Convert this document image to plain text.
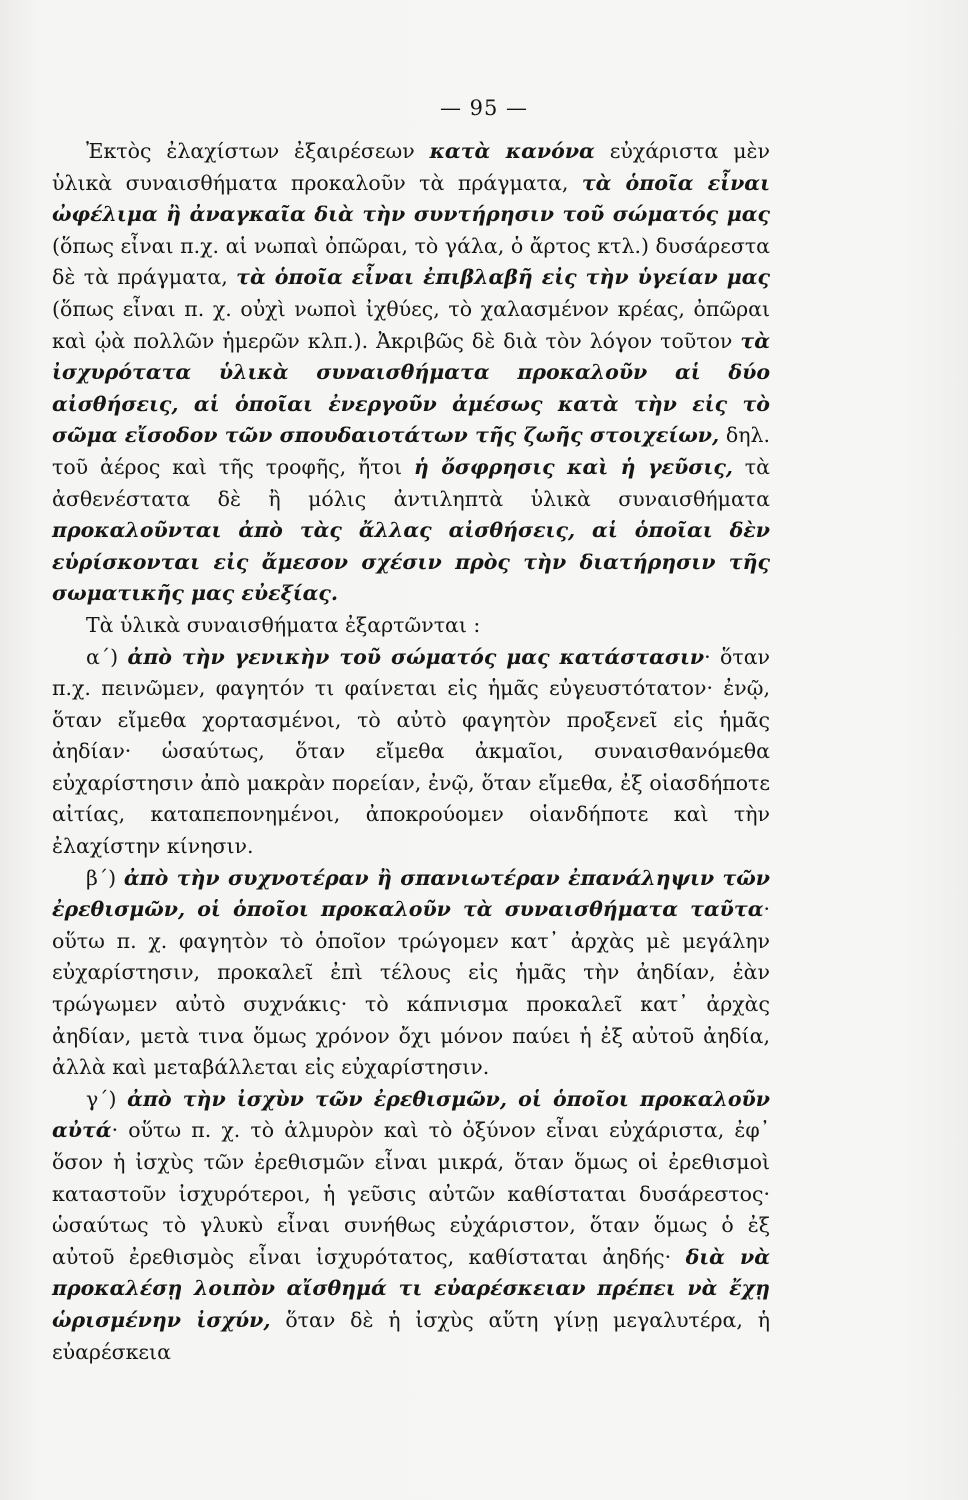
— 95 —

Ἐκτὸς ἐλαχίστων ἐξαιρέσεων κατὰ κανόνα εὐχάριστα μὲν ὑλικὰ συναισθήματα προκαλοῦν τὰ πράγματα, τὰ ὁποῖα εἶναι ὠφέλιμα ἢ ἀναγκαῖα διὰ τὴν συντήρησιν τοῦ σώματός μας (ὅπως εἶναι π.χ. αἱ νωπαὶ ὀπῶραι, τὸ γάλα, ὁ ἄρτος κτλ.) δυσάρεστα δὲ τὰ πράγματα, τὰ ὁποῖα εἶναι ἐπιβλαβῆ εἰς τὴν ὑγείαν μας (ὅπως εἶναι π. χ. οὐχὶ νωποὶ ἰχθύες, τὸ χαλασμένον κρέας, ὀπῶραι καὶ ᾠὰ πολλῶν ἡμερῶν κλπ.). Ἀκριβῶς δὲ διὰ τὸν λόγον τοῦτον τὰ ἰσχυρότατα ὑλικὰ συναισθήματα προκαλοῦν αἱ δύο αἰσθήσεις, αἱ ὁποῖαι ἐνεργοῦν ἀμέσως κατὰ τὴν εἰς τὸ σῶμα εἴσοδον τῶν σπουδαιοτάτων τῆς ζωῆς στοιχείων, δηλ. τοῦ ἀέρος καὶ τῆς τροφῆς, ἤτοι ἡ ὄσφρησις καὶ ἡ γεῦσις, τὰ ἀσθενέστατα δὲ ἢ μόλις ἀντιληπτὰ ὑλικὰ συναισθήματα προκαλοῦνται ἀπὸ τὰς ἄλλας αἰσθήσεις, αἱ ὁποῖαι δὲν εὑρίσκονται εἰς ἄμεσον σχέσιν πρὸς τὴν διατήρησιν τῆς σωματικῆς μας εὐεξίας.

Τὰ ὑλικὰ συναισθήματα ἐξαρτῶνται :

α΄) ἀπὸ τὴν γενικὴν τοῦ σώματός μας κατάστασιν· ὅταν π.χ. πεινῶμεν, φαγητόν τι φαίνεται εἰς ἡμᾶς εὐγευστότατον· ἐνῷ, ὅταν εἴμεθα χορτασμένοι, τὸ αὐτὸ φαγητὸν προξενεῖ εἰς ἡμᾶς ἀηδίαν· ὡσαύτως, ὅταν εἴμεθα ἀκμαῖοι, συναισθανόμεθα εὐχαρίστησιν ἀπὸ μακρὰν πορείαν, ἐνῷ, ὅταν εἴμεθα, ἐξ οἱασδήποτε αἰτίας, καταπεπονημένοι, ἀποκρούομεν οἱανδήποτε καὶ τὴν ἐλαχίστην κίνησιν.

β΄) ἀπὸ τὴν συχνοτέραν ἢ σπανιωτέραν ἐπανάληψιν τῶν ἐρεθισμῶν, οἱ ὁποῖοι προκαλοῦν τὰ συναισθήματα ταῦτα· οὕτω π. χ. φαγητὸν τὸ ὁποῖον τρώγομεν κατ᾿ ἀρχὰς μὲ μεγάλην εὐχαρίστησιν, προκαλεῖ ἐπὶ τέλους εἰς ἡμᾶς τὴν ἀηδίαν, ἐὰν τρώγωμεν αὐτὸ συχνάκις· τὸ κάπνισμα προκαλεῖ κατ᾿ ἀρχὰς ἀηδίαν, μετὰ τινα ὅμως χρόνον ὄχι μόνον παύει ἡ ἐξ αὐτοῦ ἀηδία, ἀλλὰ καὶ μεταβάλλεται εἰς εὐχαρίστησιν.

γ΄) ἀπὸ τὴν ἰσχὺν τῶν ἐρεθισμῶν, οἱ ὁποῖοι προκαλοῦν αὐτά· οὕτω π. χ. τὸ ἁλμυρὸν καὶ τὸ ὀξύνον εἶναι εὐχάριστα, ἐφ᾿ ὅσον ἡ ἰσχὺς τῶν ἐρεθισμῶν εἶναι μικρά, ὅταν ὅμως οἱ ἐρεθισμοὶ καταστοῦν ἰσχυρότεροι, ἡ γεῦσις αὐτῶν καθίσταται δυσάρεστος· ὡσαύτως τὸ γλυκὺ εἶναι συνήθως εὐχάριστον, ὅταν ὅμως ὁ ἐξ αὐτοῦ ἐρεθισμὸς εἶναι ἰσχυρότατος, καθίσταται ἀηδής· διὰ νὰ προκαλέσῃ λοιπὸν αἴσθημά τι εὐαρέσκειαν πρέπει νὰ ἔχῃ ὡρισμένην ἰσχύν, ὅταν δὲ ἡ ἰσχὺς αὕτη γίνῃ μεγαλυτέρα, ἡ εὐαρέσκεια
